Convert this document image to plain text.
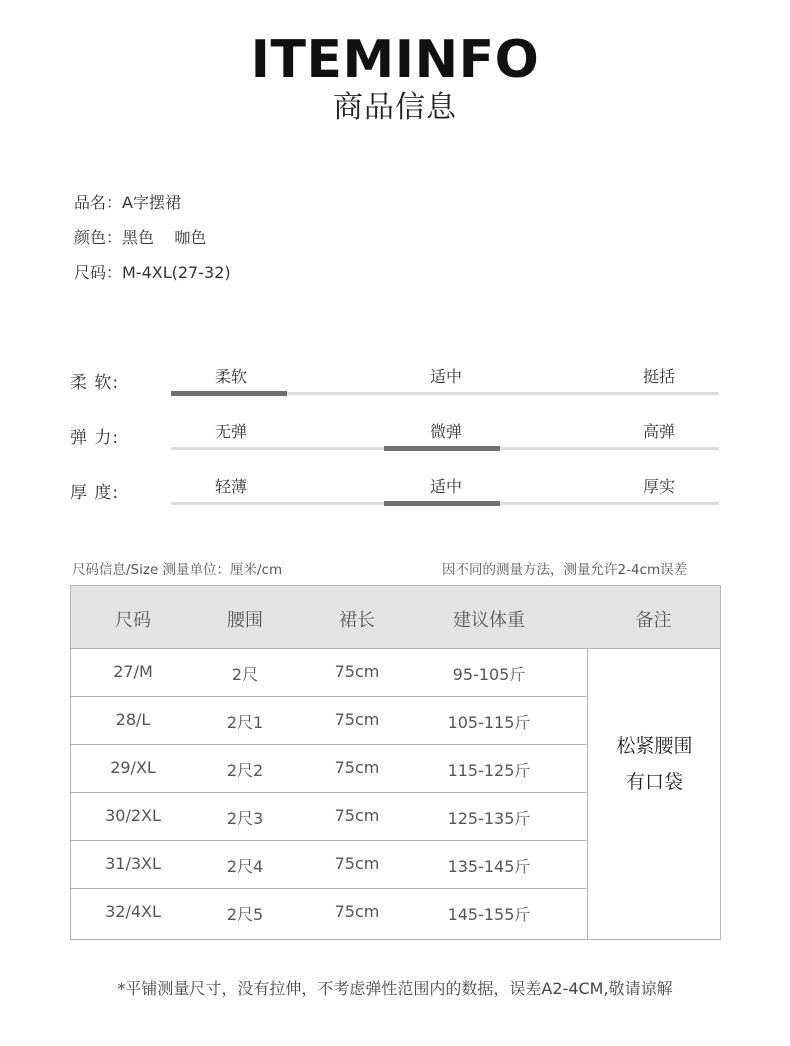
ITEMINFO
商品信息
品名：A字摆裙
颜色：黑色    咖色
尺码：M-4XL(27-32)
柔 软:	柔软	适中	挺括
弹 力:	无弹	微弹	高弹
厚 度:	轻薄	适中	厚实
尺码信息/Size 测量单位：厘米/cm	因不同的测量方法，测量允许2-4cm误差
尺码	腰围	裙长	建议体重	备注
27/M	2尺	75cm	95-105斤
28/L	2尺1	75cm	105-115斤
29/XL	2尺2	75cm	115-125斤
30/2XL	2尺3	75cm	125-135斤
31/3XL	2尺4	75cm	135-145斤
32/4XL	2尺5	75cm	145-155斤
松紧腰围
有口袋
*平铺测量尺寸，没有拉伸，不考虑弹性范围内的数据，误差A2-4CM,敬请谅解
